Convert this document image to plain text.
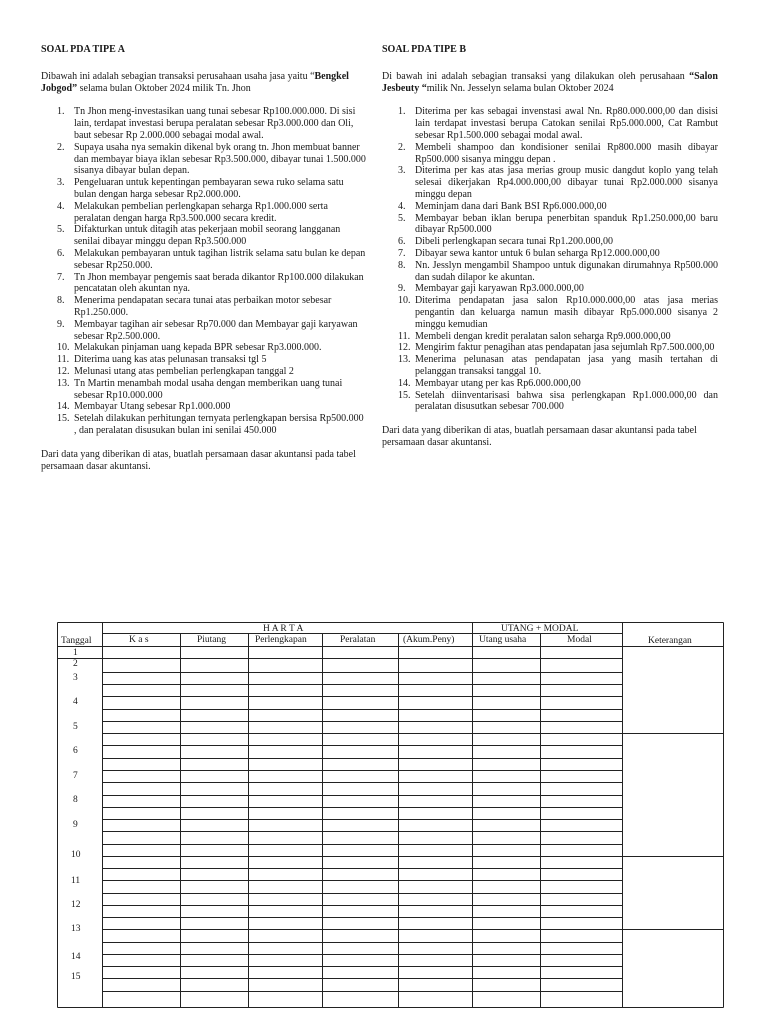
SOAL PDA TIPE A
Dibawah ini adalah sebagian transaksi perusahaan usaha jasa yaitu “Bengkel Jobgod” selama bulan Oktober 2024 milik Tn. Jhon
1. Tn Jhon meng-investasikan uang tunai sebesar Rp100.000.000. Di sisi lain, terdapat investasi berupa peralatan sebesar Rp3.000.000 dan Oli, baut sebesar Rp 2.000.000 sebagai modal awal.
2. Supaya usaha nya semakin dikenal byk orang tn. Jhon membuat banner dan membayar biaya iklan sebesar Rp3.500.000, dibayar tunai 1.500.000 sisanya dibayar bulan depan.
3. Pengeluaran untuk kepentingan pembayaran sewa ruko selama satu bulan dengan harga sebesar Rp2.000.000.
4. Melakukan pembelian perlengkapan seharga Rp1.000.000 serta peralatan dengan harga Rp3.500.000 secara kredit.
5. Difakturkan untuk ditagih atas pekerjaan mobil seorang langganan senilai dibayar minggu depan Rp3.500.000
6. Melakukan pembayaran untuk tagihan listrik selama satu bulan ke depan sebesar Rp250.000.
7. Tn Jhon membayar pengemis saat berada dikantor Rp100.000 dilakukan pencatatan oleh akuntan nya.
8. Menerima pendapatan secara tunai atas perbaikan motor sebesar Rp1.250.000.
9. Membayar tagihan air sebesar Rp70.000 dan Membayar gaji karyawan sebesar Rp2.500.000.
10. Melakukan pinjaman uang kepada BPR sebesar Rp3.000.000.
11. Diterima uang kas atas pelunasan transaksi tgl 5
12. Melunasi utang atas pembelian perlengkapan tanggal 2
13. Tn Martin menambah modal usaha dengan memberikan uang tunai sebesar Rp10.000.000
14. Membayar Utang sebesar Rp1.000.000
15. Setelah dilakukan perhitungan ternyata perlengkapan bersisa Rp500.000 , dan peralatan disusukan bulan ini senilai 450.000
Dari data yang diberikan di atas, buatlah persamaan dasar akuntansi pada tabel persamaan dasar akuntansi.
SOAL PDA TIPE B
Di bawah ini adalah sebagian transaksi yang dilakukan oleh perusahaan “Salon Jesbeuty “milik Nn. Jesselyn selama bulan Oktober 2024
1. Diterima per kas sebagai invenstasi awal Nn. Rp80.000.000,00 dan disisi lain terdapat investasi berupa Catokan senilai Rp5.000.000, Cat Rambut sebesar Rp1.500.000 sebagai modal awal.
2. Membeli shampoo dan kondisioner senilai Rp800.000 masih dibayar Rp500.000 sisanya minggu depan .
3. Diterima per kas atas jasa merias group music dangdut koplo yang telah selesai dikerjakan Rp4.000.000,00 dibayar tunai Rp2.000.000 sisanya minggu depan
4. Meminjam dana dari Bank BSI Rp6.000.000,00
5. Membayar beban iklan berupa penerbitan spanduk Rp1.250.000,00 baru dibayar Rp500.000
6. Dibeli perlengkapan secara tunai Rp1.200.000,00
7. Dibayar sewa kantor untuk 6 bulan seharga Rp12.000.000,00
8. Nn. Jesslyn mengambil Shampoo untuk digunakan dirumahnya Rp500.000 dan sudah dilapor ke akuntan.
9. Membayar gaji karyawan Rp3.000.000,00
10. Diterima pendapatan jasa salon Rp10.000.000,00 atas jasa merias pengantin dan keluarga namun masih dibayar Rp5.000.000 sisanya 2 minggu kemudian
11. Membeli dengan kredit peralatan salon seharga Rp9.000.000,00
12. Mengirim faktur penagihan atas pendapatan jasa sejumlah Rp7.500.000,00
13. Menerima pelunasan atas pendapatan jasa yang masih tertahan di pelanggan transaksi tanggal 10.
14. Membayar utang per kas Rp6.000.000,00
15. Setelah diinventarisasi bahwa sisa perlengkapan Rp1.000.000,00 dan peralatan disusutkan sebesar 700.000
Dari data yang diberikan di atas, buatlah persamaan dasar akuntansi pada tabel persamaan dasar akuntansi.
H A R T A	UTANG + MODAL
Tanggal	K a s	Piutang	Perlengkapan	Peralatan	(Akum.Peny)	Utang usaha	Modal	Keterangan
1
2
3
4
5
6
7
8
9
10
11
12
13
14
15
